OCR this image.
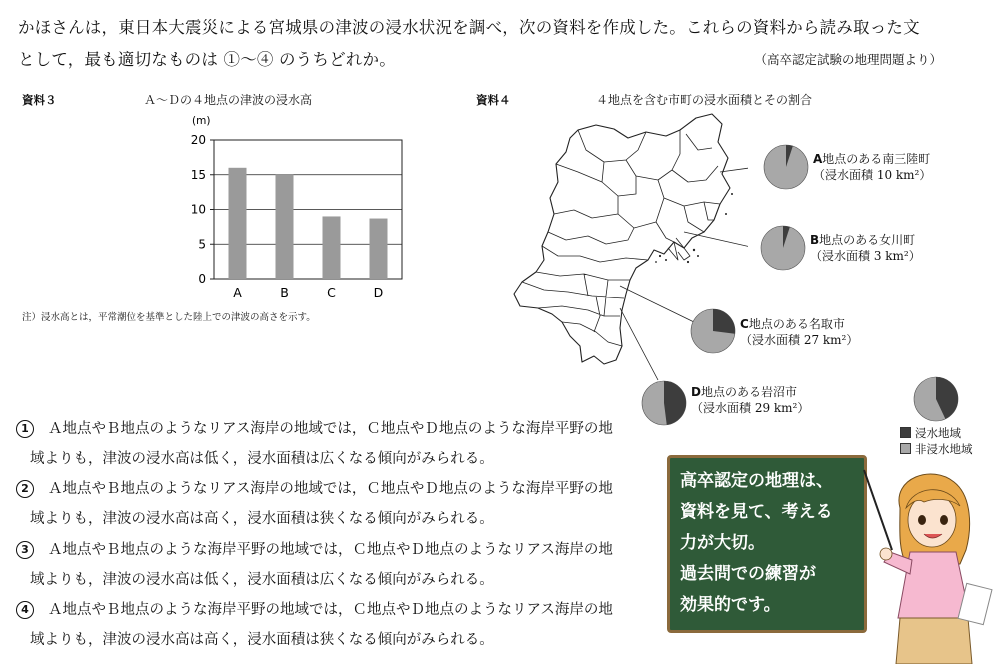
かほさんは，東日本大震災による宮城県の津波の浸水状況を調べ，次の資料を作成した。これらの資料から読み取った文
として，最も適切なものは ①〜④ のうちどれか。	（高卒認定試験の地理問題より）
資料３	Ａ～Ｄの４地点の津波の浸水高
(m)
0
5
10
15
20
A	B	C	D
注）浸水高とは，平常潮位を基準とした陸上での津波の高さを示す。
資料４	４地点を含む市町の浸水面積とその割合
A地点のある南三陸町
（浸水面積 10 km²）
B地点のある女川町
（浸水面積 3 km²）
C地点のある名取市
（浸水面積 27 km²）
D地点のある岩沼市
（浸水面積 29 km²）
浸水地域
非浸水地域
1 Ａ地点やＢ地点のようなリアス海岸の地域では，Ｃ地点やＤ地点のような海岸平野の地
域よりも，津波の浸水高は低く，浸水面積は広くなる傾向がみられる。
2 Ａ地点やＢ地点のようなリアス海岸の地域では，Ｃ地点やＤ地点のような海岸平野の地
域よりも，津波の浸水高は高く，浸水面積は狭くなる傾向がみられる。
3 Ａ地点やＢ地点のような海岸平野の地域では，Ｃ地点やＤ地点のようなリアス海岸の地
域よりも，津波の浸水高は低く，浸水面積は広くなる傾向がみられる。
4 Ａ地点やＢ地点のような海岸平野の地域では，Ｃ地点やＤ地点のようなリアス海岸の地
域よりも，津波の浸水高は高く，浸水面積は狭くなる傾向がみられる。
高卒認定の地理は、
資料を見て、考える
力が大切。
過去問での練習が
効果的です。
